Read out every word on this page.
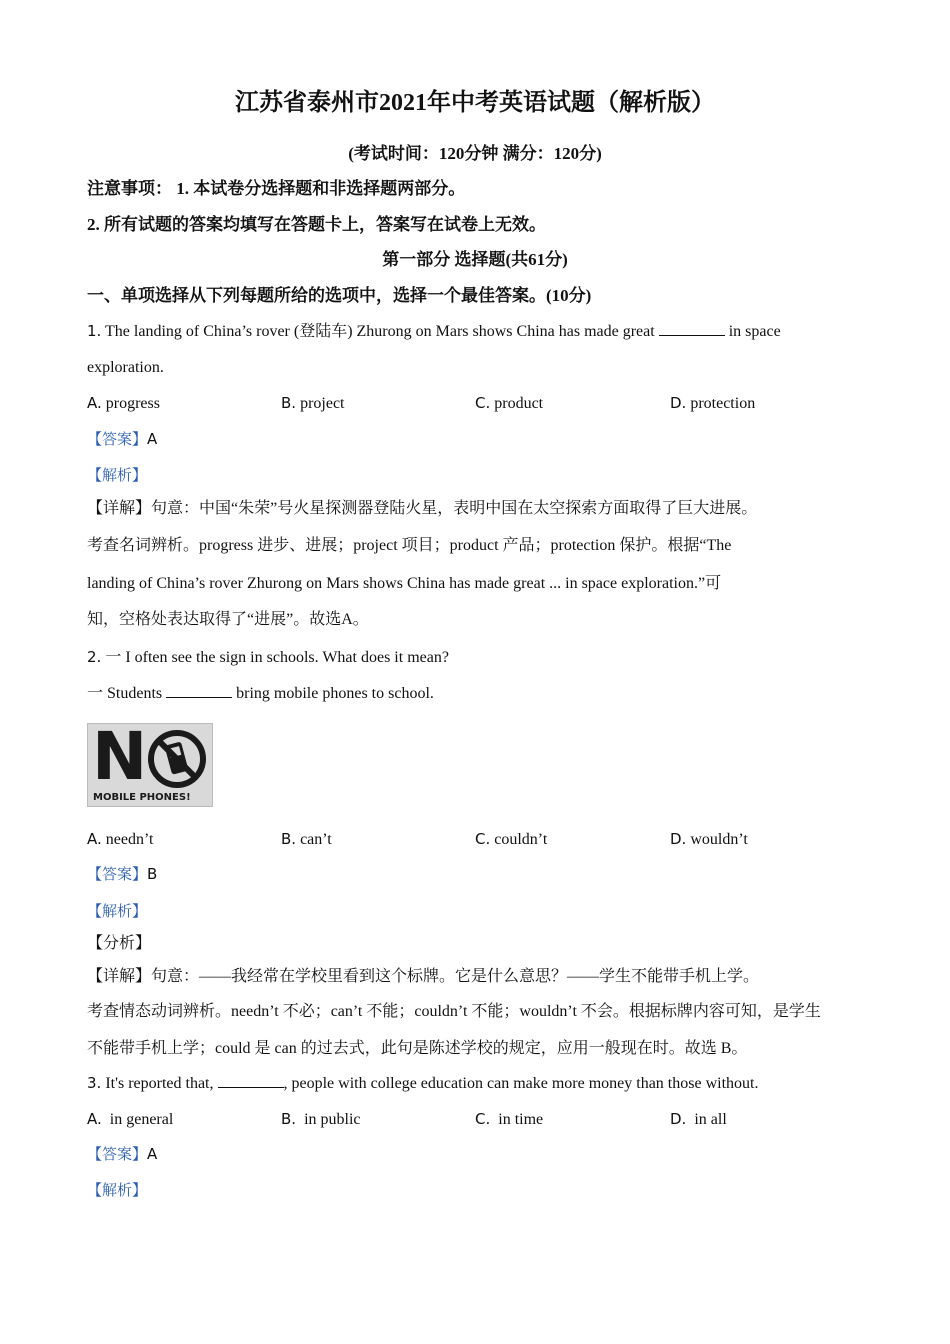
江苏省泰州市2021年中考英语试题（解析版）
(考试时间：120分钟 满分：120分)
注意事项： 1. 本试卷分选择题和非选择题两部分。
2. 所有试题的答案均填写在答题卡上，答案写在试卷上无效。
第一部分 选择题(共61分)
一、单项选择从下列每题所给的选项中，选择一个最佳答案。(10分)
1. The landing of China’s rover (登陆车) Zhurong on Mars shows China has made great	in space
exploration.
A. progress	B. project	C. product	D. protection
【答案】A
【解析】
【详解】句意：中国“朱荣”号火星探测器登陆火星，表明中国在太空探索方面取得了巨大进展。
考查名词辨析。progress 进步、进展；project 项目；product 产品；protection 保护。根据“The
landing of China’s rover Zhurong on Mars shows China has made great ... in space exploration.”可
知，空格处表达取得了“进展”。故选A。
2. 一 I often see the sign in schools. What does it mean?
一 Students	bring mobile phones to school.
N
MOBILE PHONES!
A. needn’t	B. can’t	C. couldn’t	D. wouldn’t
【答案】B
【解析】
【分析】
【详解】句意：——我经常在学校里看到这个标牌。它是什么意思？——学生不能带手机上学。
考查情态动词辨析。needn’t 不必；can’t 不能；couldn’t 不能；wouldn’t 不会。根据标牌内容可知，是学生
不能带手机上学；could 是 can 的过去式，此句是陈述学校的规定，应用一般现在时。故选 B。
3. It's reported that,	, people with college education can make more money than those without.
A. in general	B. in public	C. in time	D. in all
【答案】A
【解析】
